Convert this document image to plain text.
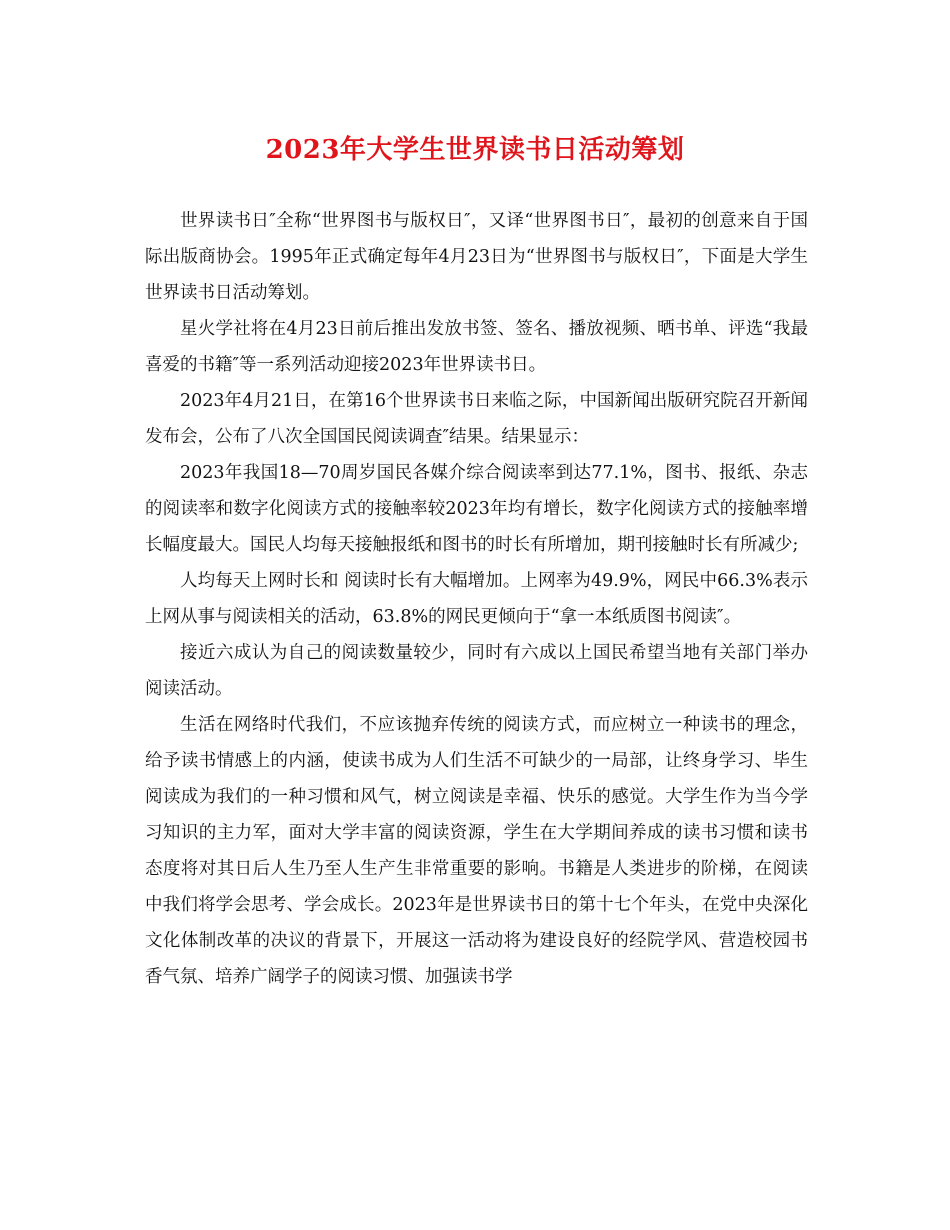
2023年大学生世界读书日活动筹划

世界读书日″全称“世界图书与版权日″，又译“世界图书日″，最初的创意来自于国际出版商协会。1995年正式确定每年4月23日为“世界图书与版权日″，下面是大学生世界读书日活动筹划。

星火学社将在4月23日前后推出发放书签、签名、播放视频、晒书单、评选“我最喜爱的书籍″等一系列活动迎接2023年世界读书日。

2023年4月21日，在第16个世界读书日来临之际，中国新闻出版研究院召开新闻发布会，公布了八次全国国民阅读调查″结果。结果显示：

2023年我国18—70周岁国民各媒介综合阅读率到达77.1%，图书、报纸、杂志的阅读率和数字化阅读方式的接触率较2023年均有增长，数字化阅读方式的接触率增长幅度最大。国民人均每天接触报纸和图书的时长有所增加，期刊接触时长有所减少;

人均每天上网时长和 阅读时长有大幅增加。上网率为49.9%，网民中66.3%表示上网从事与阅读相关的活动，63.8%的网民更倾向于“拿一本纸质图书阅读″。

接近六成认为自己的阅读数量较少，同时有六成以上国民希望当地有关部门举办阅读活动。

生活在网络时代我们，不应该抛弃传统的阅读方式，而应树立一种读书的理念，给予读书情感上的内涵，使读书成为人们生活不可缺少的一局部，让终身学习、毕生阅读成为我们的一种习惯和风气，树立阅读是幸福、快乐的感觉。大学生作为当今学习知识的主力军，面对大学丰富的阅读资源，学生在大学期间养成的读书习惯和读书态度将对其日后人生乃至人生产生非常重要的影响。书籍是人类进步的阶梯，在阅读中我们将学会思考、学会成长。2023年是世界读书日的第十七个年头，在党中央深化文化体制改革的决议的背景下，开展这一活动将为建设良好的经院学风、营造校园书香气氛、培养广阔学子的阅读习惯、加强读书学
